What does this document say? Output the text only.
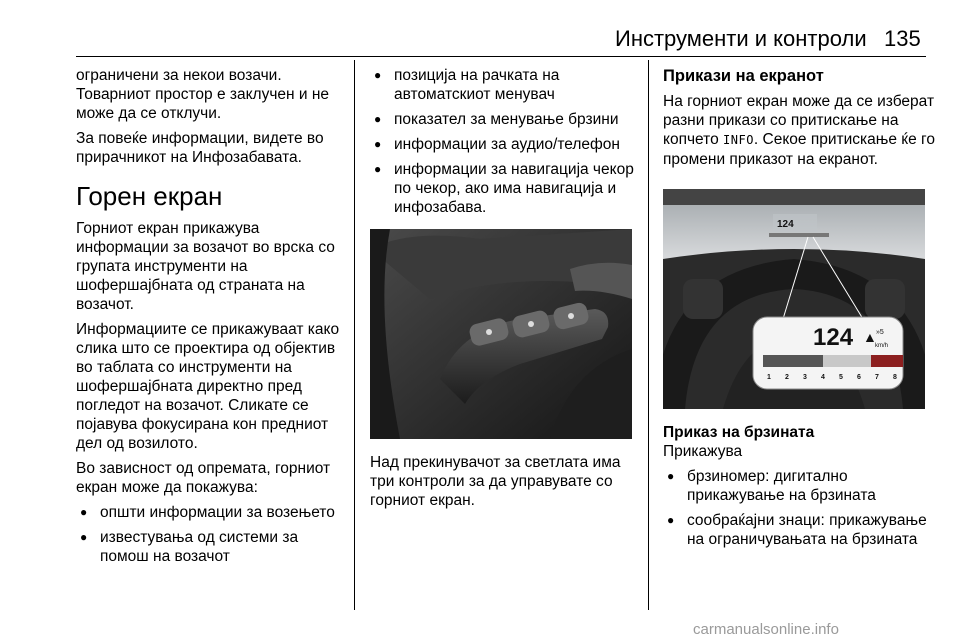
Инструменти и контроли 135

ограничени за некои возачи. Товарниот простор е заклучен и не може да се отклучи.

За повеќе информации, видете во прирачникот на Инфозабавата.

Горен екран

Горниот екран прикажува информации за возачот во врска со групата инструменти на шофершајбната од страната на возачот.

Информациите се прикажуваат како слика што се проектира од објектив во таблата со инструменти на шофершајбната директно пред погледот на возачот. Сликате се појавува фокусирана кон предниот дел од возилото.

Во зависност од опремата, горниот екран може да покажува:

● општи информации за возењето
● известувања од системи за помош на возачот
● позиција на рачката на автоматскиот менувач
● показател за менување брзини
● информации за аудио/телефон
● информации за навигација чекор по чекор, ако има навигација и инфозабава.

Над прекинувачот за светлата има три контроли за да управувате со горниот екран.

Прикази на екранот

На горниот екран може да се изберат разни прикази со притискање на копчето INFO. Секое притискање ќе го промени приказот на екранот.

124
124 ▲ »5
km/h
1 2 3 4 5 6 7 8
Приказ на брзината

Прикажува

● брзиномер: дигитално прикажување на брзината
● сообраќајни знаци: прикажување на ограничувањата на брзината
carmanualsonline.info
